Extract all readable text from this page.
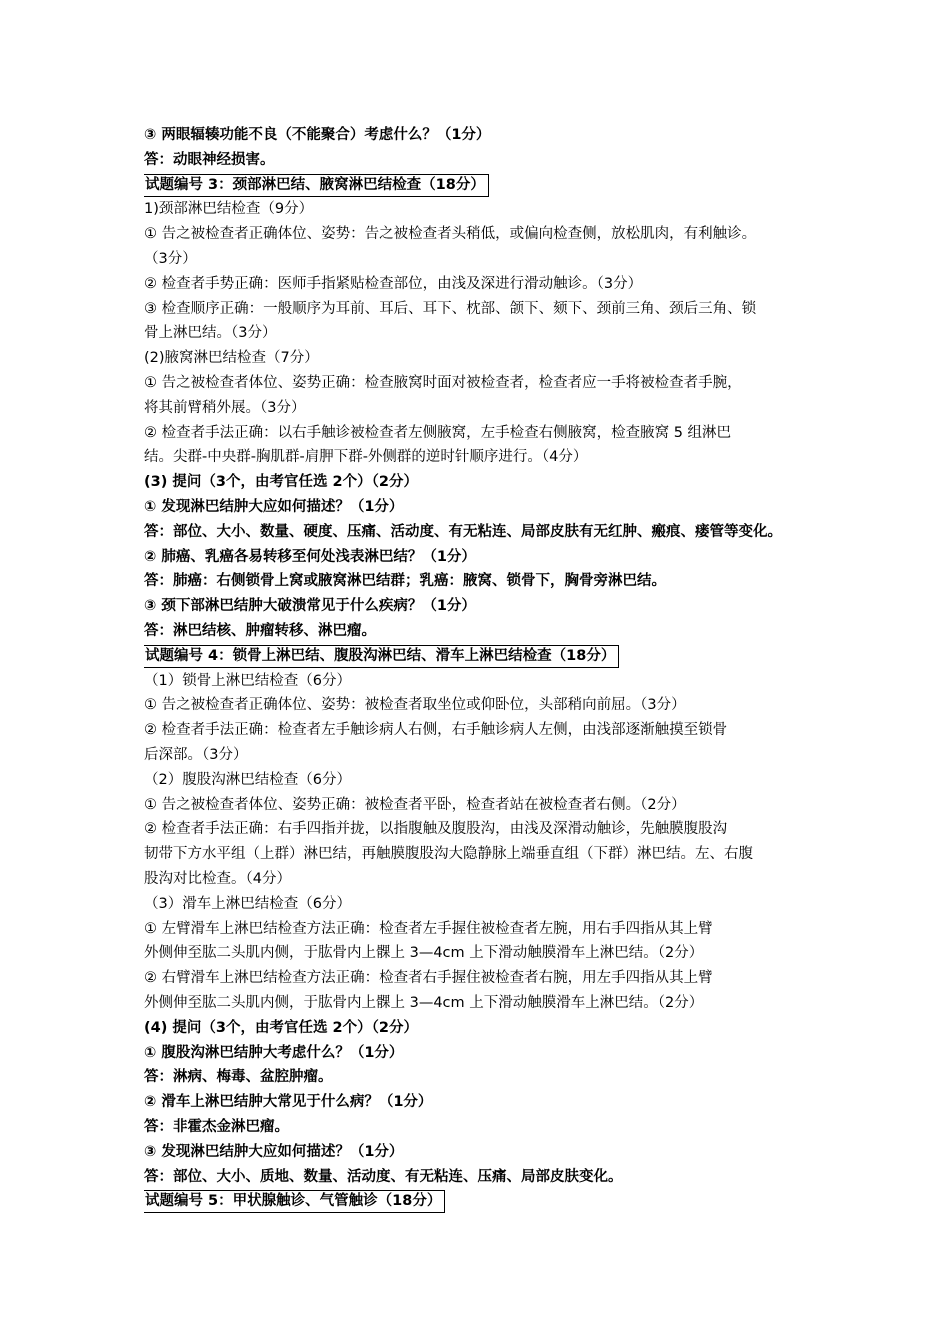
③ 两眼辐辏功能不良（不能聚合）考虑什么？（1分）
答：动眼神经损害。
试题编号 3：颈部淋巴结、腋窝淋巴结检查（18分）
1)颈部淋巴结检查（9分）
① 告之被检查者正确体位、姿势：告之被检查者头稍低，或偏向检查侧，放松肌肉，有利触诊。
（3分）
② 检查者手势正确：医师手指紧贴检查部位，由浅及深进行滑动触诊。（3分）
③ 检查顺序正确：一般顺序为耳前、耳后、耳下、枕部、颌下、颏下、颈前三角、颈后三角、锁
骨上淋巴结。（3分）
(2)腋窝淋巴结检查（7分）
① 告之被检查者体位、姿势正确：检查腋窝时面对被检查者，检查者应一手将被检查者手腕，
将其前臂稍外展。（3分）
② 检查者手法正确：以右手触诊被检查者左侧腋窝，左手检查右侧腋窝，检查腋窝 5 组淋巴
结。尖群-中央群-胸肌群-肩胛下群-外侧群的逆时针顺序进行。（4分）
(3) 提问（3个，由考官任选 2个）（2分）
① 发现淋巴结肿大应如何描述？（1分）
答：部位、大小、数量、硬度、压痛、活动度、有无粘连、局部皮肤有无红肿、瘢痕、瘘管等变化。
② 肺癌、乳癌各易转移至何处浅表淋巴结？（1分）
答：肺癌：右侧锁骨上窝或腋窝淋巴结群；乳癌：腋窝、锁骨下，胸骨旁淋巴结。
③ 颈下部淋巴结肿大破溃常见于什么疾病？（1分）
答：淋巴结核、肿瘤转移、淋巴瘤。
试题编号 4：锁骨上淋巴结、腹股沟淋巴结、滑车上淋巴结检查（18分）
（1）锁骨上淋巴结检查（6分）
① 告之被检查者正确体位、姿势：被检查者取坐位或仰卧位，头部稍向前屈。（3分）
② 检查者手法正确：检查者左手触诊病人右侧，右手触诊病人左侧，由浅部逐渐触摸至锁骨
后深部。（3分）
（2）腹股沟淋巴结检查（6分）
① 告之被检查者体位、姿势正确：被检查者平卧，检查者站在被检查者右侧。（2分）
② 检查者手法正确：右手四指并拢，以指腹触及腹股沟，由浅及深滑动触诊，先触膜腹股沟
韧带下方水平组（上群）淋巴结，再触膜腹股沟大隐静脉上端垂直组（下群）淋巴结。左、右腹
股沟对比检查。（4分）
（3）滑车上淋巴结检查（6分）
① 左臂滑车上淋巴结检查方法正确：检查者左手握住被检查者左腕，用右手四指从其上臂
外侧伸至肱二头肌内侧，于肱骨内上髁上 3—4cm 上下滑动触膜滑车上淋巴结。（2分）
② 右臂滑车上淋巴结检查方法正确：检查者右手握住被检查者右腕，用左手四指从其上臂
外侧伸至肱二头肌内侧，于肱骨内上髁上 3—4cm 上下滑动触膜滑车上淋巴结。（2分）
(4) 提问（3个，由考官任选 2个）（2分）
① 腹股沟淋巴结肿大考虑什么？（1分）
答：淋病、梅毒、盆腔肿瘤。
② 滑车上淋巴结肿大常见于什么病？（1分）
答：非霍杰金淋巴瘤。
③ 发现淋巴结肿大应如何描述？（1分）
答：部位、大小、质地、数量、活动度、有无粘连、压痛、局部皮肤变化。
试题编号 5：甲状腺触诊、气管触诊（18分）
